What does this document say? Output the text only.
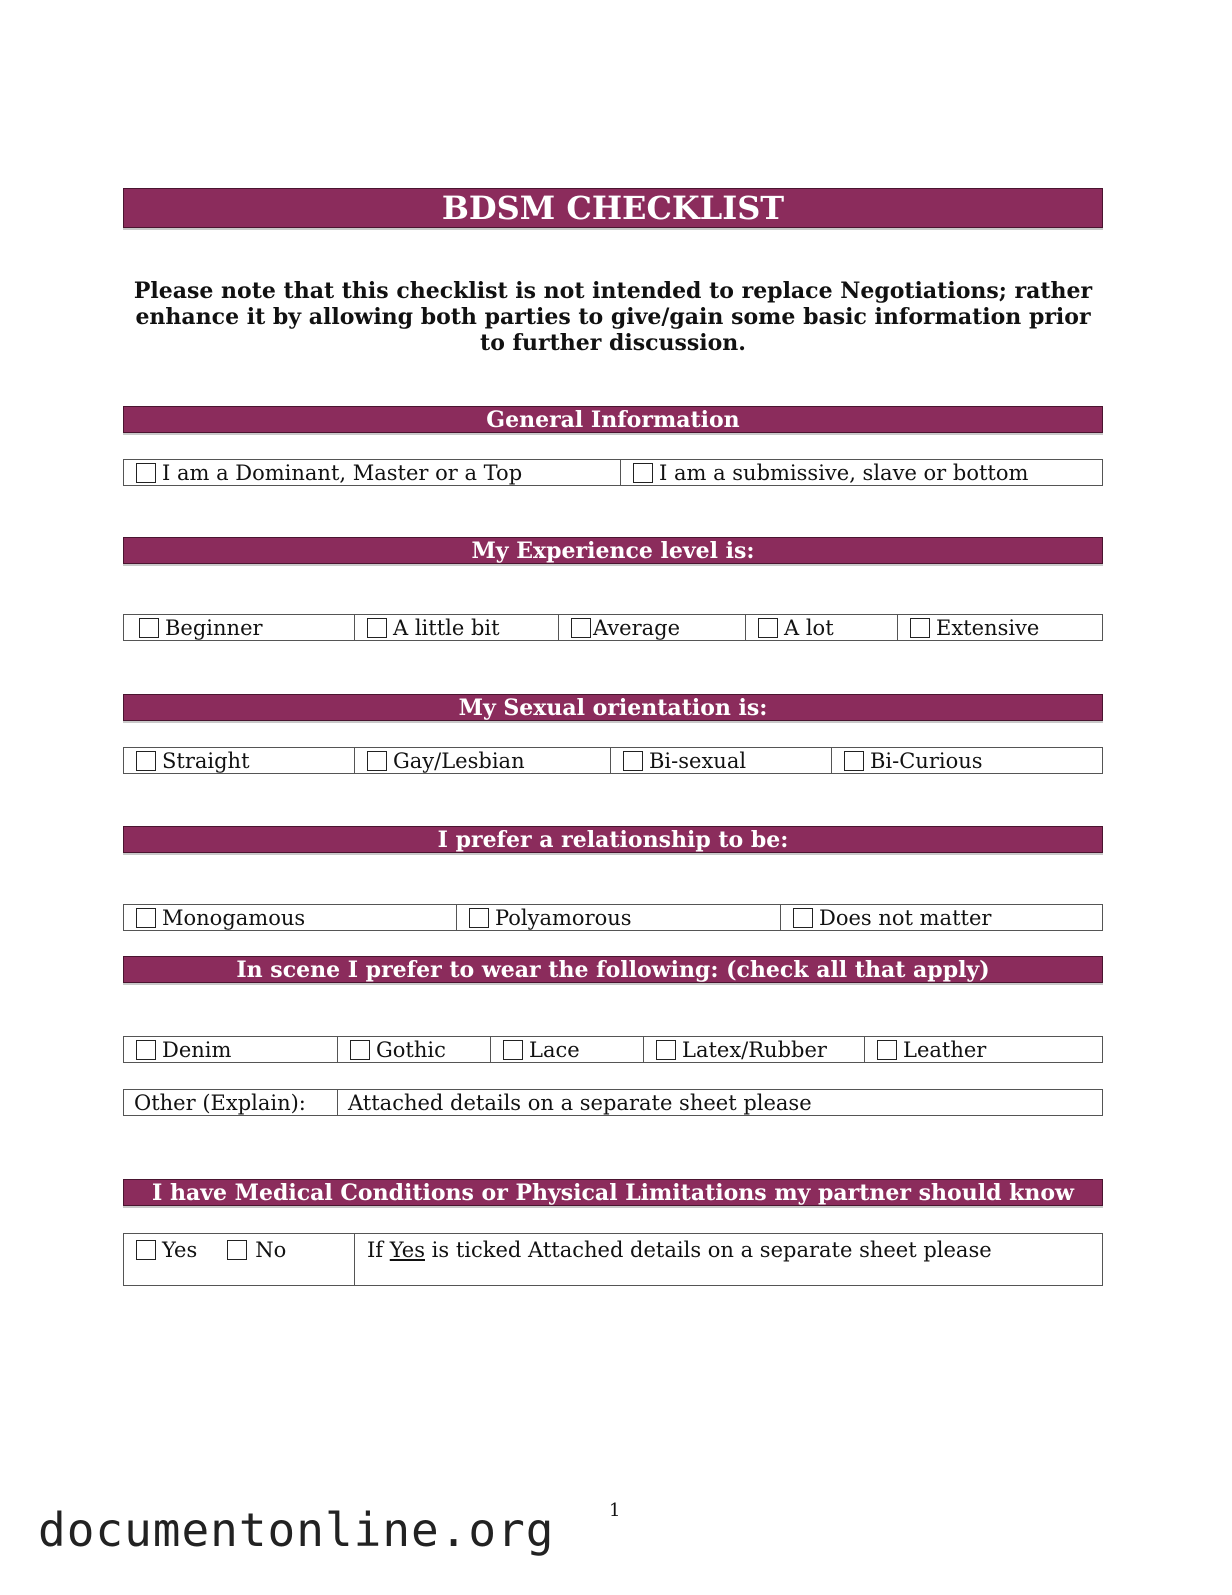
BDSM CHECKLIST
Please note that this checklist is not intended to replace Negotiations; rather enhance it by allowing both parties to give/gain some basic information prior to further discussion.
General Information
I am a Dominant, Master or a Top	I am a submissive, slave or bottom
My Experience level is:
Beginner	A little bit	Average	A lot	Extensive
My Sexual orientation is:
Straight	Gay/Lesbian	Bi-sexual	Bi-Curious
I prefer a relationship to be:
Monogamous	Polyamorous	Does not matter
In scene I prefer to wear the following: (check all that apply)
Denim	Gothic	Lace	Latex/Rubber	Leather
Other (Explain):	Attached details on a separate sheet please
I have Medical Conditions or Physical Limitations my partner should know about
Yes	No	If Yes is ticked Attached details on a separate sheet please
documentonline.org	1
